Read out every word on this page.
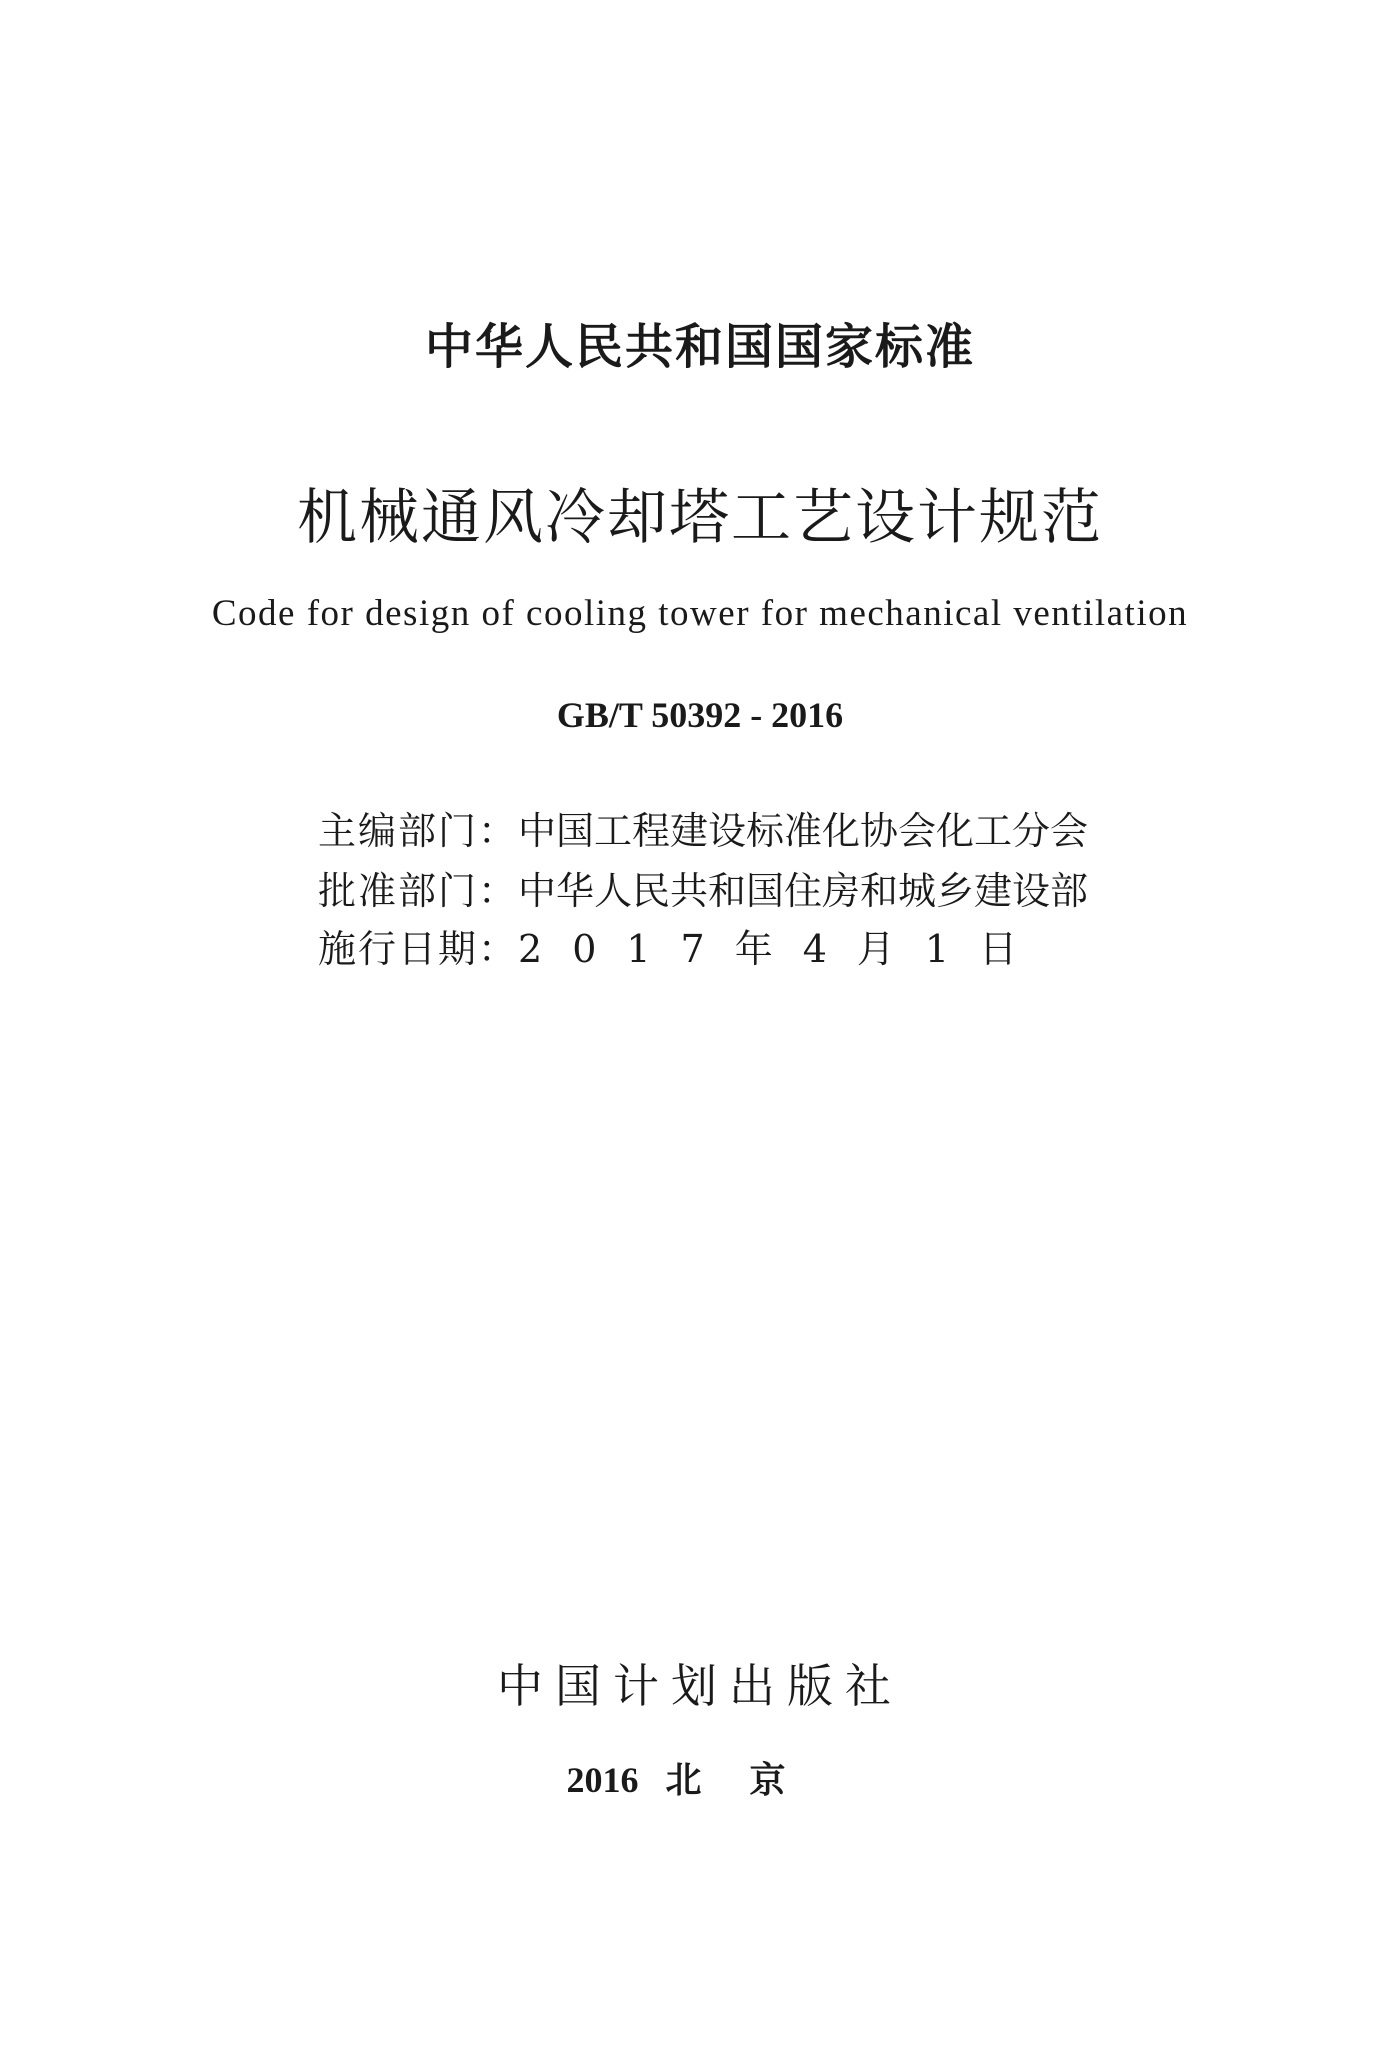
中华人民共和国国家标准
机械通风冷却塔工艺设计规范
Code for design of cooling tower for mechanical ventilation
GB/T 50392 - 2016
主编部门：中国工程建设标准化协会化工分会
批准部门：中华人民共和国住房和城乡建设部
施行日期：2017年4月1日
中国计划出版社
2016 北京
